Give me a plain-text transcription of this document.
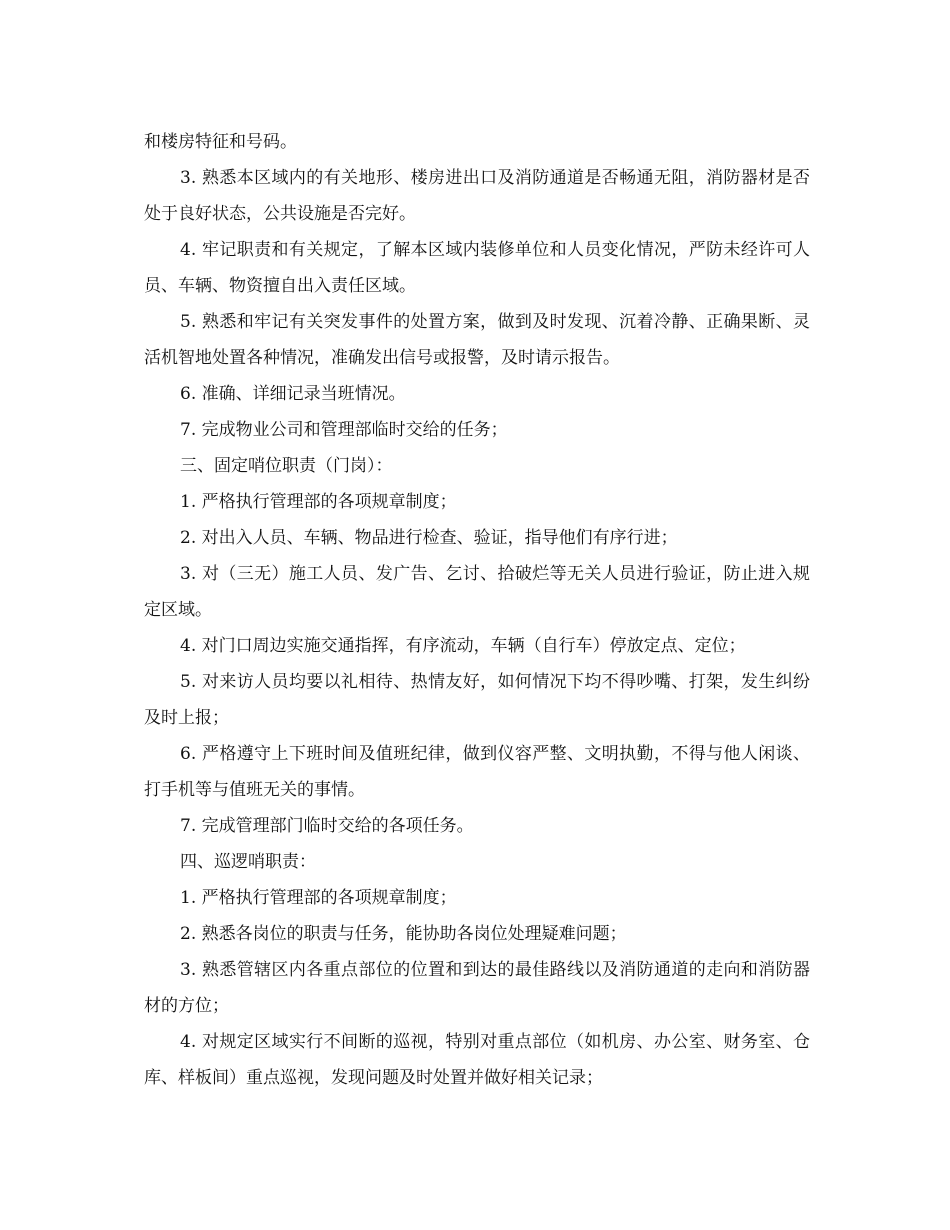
和楼房特征和号码。

3. 熟悉本区域内的有关地形、楼房进出口及消防通道是否畅通无阻，消防器材是否处于良好状态，公共设施是否完好。

4. 牢记职责和有关规定，了解本区域内装修单位和人员变化情况，严防未经许可人员、车辆、物资擅自出入责任区域。

5. 熟悉和牢记有关突发事件的处置方案，做到及时发现、沉着冷静、正确果断、灵活机智地处置各种情况，准确发出信号或报警，及时请示报告。

6. 准确、详细记录当班情况。

7. 完成物业公司和管理部临时交给的任务；

三、固定哨位职责（门岗）：

1. 严格执行管理部的各项规章制度；

2. 对出入人员、车辆、物品进行检查、验证，指导他们有序行进；

3. 对（三无）施工人员、发广告、乞讨、拾破烂等无关人员进行验证，防止进入规定区域。

4. 对门口周边实施交通指挥，有序流动，车辆（自行车）停放定点、定位；

5. 对来访人员均要以礼相待、热情友好，如何情况下均不得吵嘴、打架，发生纠纷及时上报；

6. 严格遵守上下班时间及值班纪律，做到仪容严整、文明执勤，不得与他人闲谈、打手机等与值班无关的事情。

7. 完成管理部门临时交给的各项任务。

四、巡逻哨职责：

1. 严格执行管理部的各项规章制度；

2. 熟悉各岗位的职责与任务，能协助各岗位处理疑难问题；

3. 熟悉管辖区内各重点部位的位置和到达的最佳路线以及消防通道的走向和消防器材的方位；

4. 对规定区域实行不间断的巡视，特别对重点部位（如机房、办公室、财务室、仓库、样板间）重点巡视，发现问题及时处置并做好相关记录；
